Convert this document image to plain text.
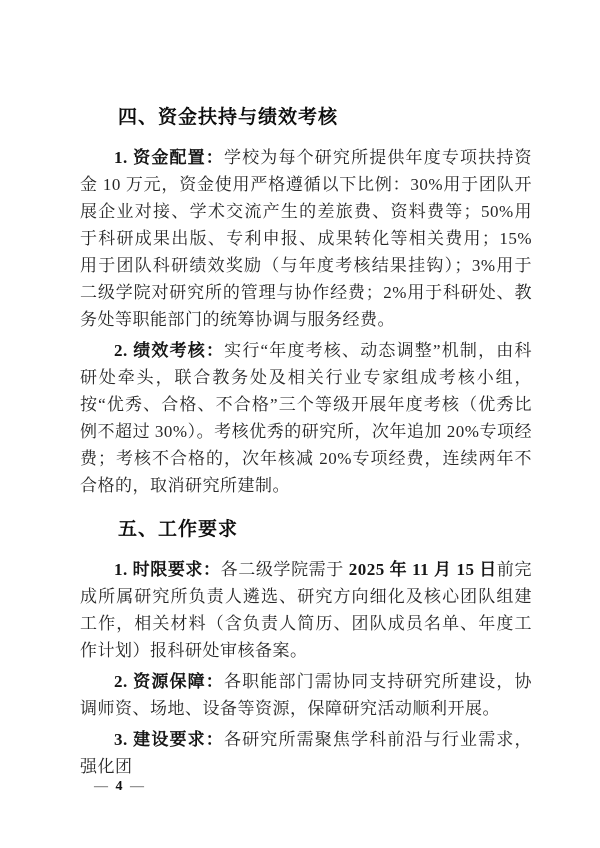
四、资金扶持与绩效考核

1. 资金配置：学校为每个研究所提供年度专项扶持资金 10 万元，资金使用严格遵循以下比例：30%用于团队开展企业对接、学术交流产生的差旅费、资料费等；50%用于科研成果出版、专利申报、成果转化等相关费用；15%用于团队科研绩效奖励（与年度考核结果挂钩）；3%用于二级学院对研究所的管理与协作经费；2%用于科研处、教务处等职能部门的统筹协调与服务经费。

2. 绩效考核：实行“年度考核、动态调整”机制，由科研处牵头，联合教务处及相关行业专家组成考核小组，按“优秀、合格、不合格”三个等级开展年度考核（优秀比例不超过 30%）。考核优秀的研究所，次年追加 20%专项经费；考核不合格的，次年核减 20%专项经费，连续两年不合格的，取消研究所建制。

五、工作要求

1. 时限要求：各二级学院需于 2025 年 11 月 15 日前完成所属研究所负责人遴选、研究方向细化及核心团队组建工作，相关材料（含负责人简历、团队成员名单、年度工作计划）报科研处审核备案。

2. 资源保障：各职能部门需协同支持研究所建设，协调师资、场地、设备等资源，保障研究活动顺利开展。

3. 建设要求：各研究所需聚焦学科前沿与行业需求，强化团

— 4 —
